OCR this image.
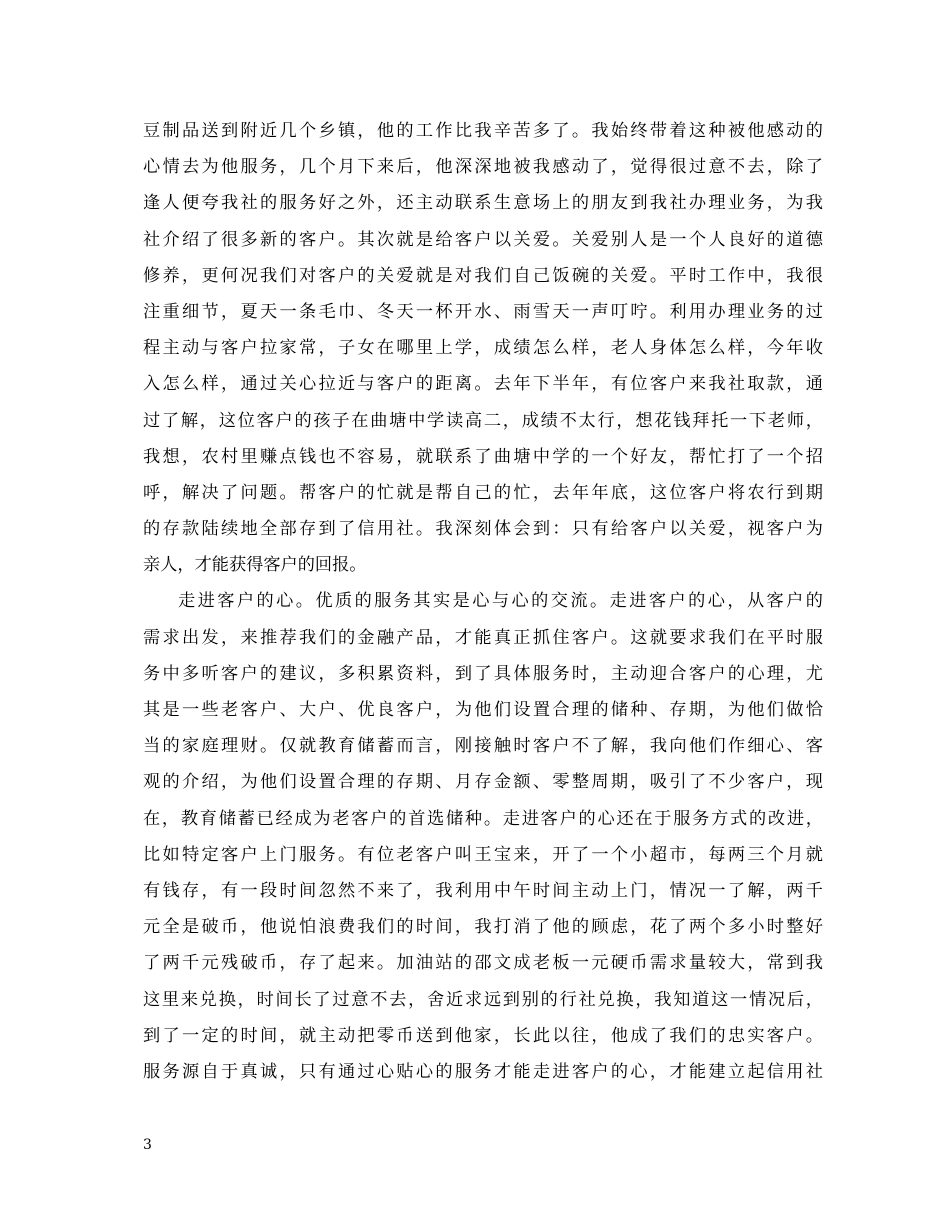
豆制品送到附近几个乡镇，他的工作比我辛苦多了。我始终带着这种被他感动的
心情去为他服务，几个月下来后，他深深地被我感动了，觉得很过意不去，除了
逢人便夸我社的服务好之外，还主动联系生意场上的朋友到我社办理业务，为我
社介绍了很多新的客户。其次就是给客户以关爱。关爱别人是一个人良好的道德
修养，更何况我们对客户的关爱就是对我们自己饭碗的关爱。平时工作中，我很
注重细节，夏天一条毛巾、冬天一杯开水、雨雪天一声叮咛。利用办理业务的过
程主动与客户拉家常，子女在哪里上学，成绩怎么样，老人身体怎么样，今年收
入怎么样，通过关心拉近与客户的距离。去年下半年，有位客户来我社取款，通
过了解，这位客户的孩子在曲塘中学读高二，成绩不太行，想花钱拜托一下老师，
我想，农村里赚点钱也不容易，就联系了曲塘中学的一个好友，帮忙打了一个招
呼，解决了问题。帮客户的忙就是帮自己的忙，去年年底，这位客户将农行到期
的存款陆续地全部存到了信用社。我深刻体会到：只有给客户以关爱，视客户为
亲人，才能获得客户的回报。
走进客户的心。优质的服务其实是心与心的交流。走进客户的心，从客户的
需求出发，来推荐我们的金融产品，才能真正抓住客户。这就要求我们在平时服
务中多听客户的建议，多积累资料，到了具体服务时，主动迎合客户的心理，尤
其是一些老客户、大户、优良客户，为他们设置合理的储种、存期，为他们做恰
当的家庭理财。仅就教育储蓄而言，刚接触时客户不了解，我向他们作细心、客
观的介绍，为他们设置合理的存期、月存金额、零整周期，吸引了不少客户，现
在，教育储蓄已经成为老客户的首选储种。走进客户的心还在于服务方式的改进，
比如特定客户上门服务。有位老客户叫王宝来，开了一个小超市，每两三个月就
有钱存，有一段时间忽然不来了，我利用中午时间主动上门，情况一了解，两千
元全是破币，他说怕浪费我们的时间，我打消了他的顾虑，花了两个多小时整好
了两千元残破币，存了起来。加油站的邵文成老板一元硬币需求量较大，常到我
这里来兑换，时间长了过意不去，舍近求远到别的行社兑换，我知道这一情况后，
到了一定的时间，就主动把零币送到他家，长此以往，他成了我们的忠实客户。
服务源自于真诚，只有通过心贴心的服务才能走进客户的心，才能建立起信用社
3
